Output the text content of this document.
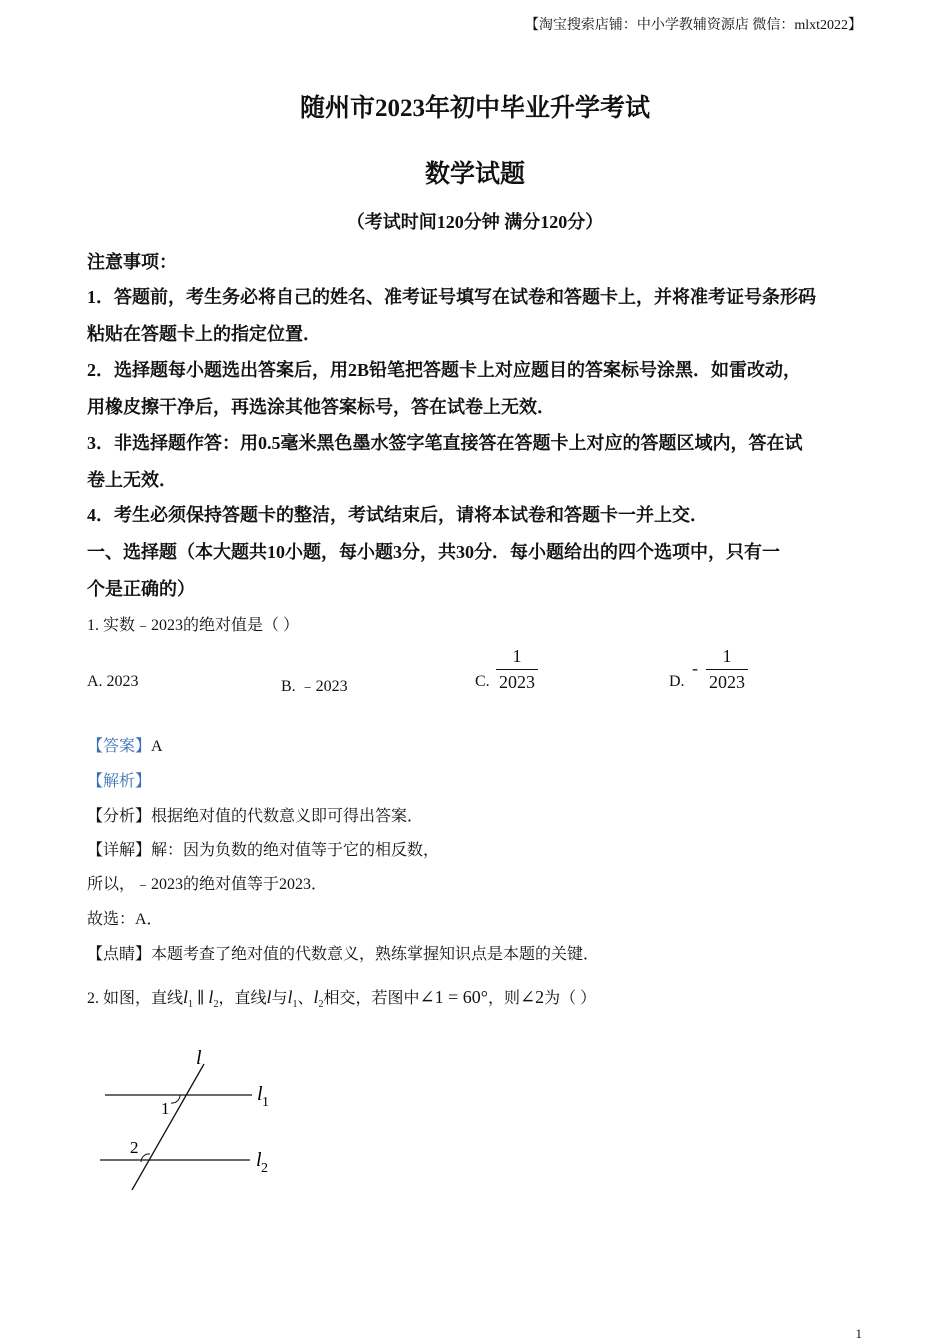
【淘宝搜索店铺：中小学教辅资源店 微信：mlxt2022】
随州市2023年初中毕业升学考试
数学试题
（考试时间120分钟 满分120分）
注意事项：
1．答题前，考生务必将自己的姓名、准考证号填写在试卷和答题卡上，并将准考证号条形码
粘贴在答题卡上的指定位置．
2．选择题每小题选出答案后，用2B铅笔把答题卡上对应题目的答案标号涂黑．如雷改动，
用橡皮擦干净后，再选涂其他答案标号，答在试卷上无效．
3．非选择题作答：用0.5毫米黑色墨水签字笔直接答在答题卡上对应的答题区域内，答在试
卷上无效．
4．考生必须保持答题卡的整洁，考试结束后，请将本试卷和答题卡一并上交．
一、选择题（本大题共10小题，每小题3分，共30分．每小题给出的四个选项中，只有一
个是正确的）
1. 实数﹣2023的绝对值是（ ）
A. 2023	B. ﹣2023	C.
1
2023	D.
-
1
2023
【答案】A
【解析】
【分析】根据绝对值的代数意义即可得出答案．
【详解】解：因为负数的绝对值等于它的相反数，
所以，﹣2023的绝对值等于2023．
故选：A．
【点睛】本题考查了绝对值的代数意义，熟练掌握知识点是本题的关键．
2. 如图，直线$l_1$ ∥ $l_2$，直线l与$l_1$、$l_2$相交，若图中∠1 = 60°，则∠2为（ ）
l
l 1
l 2
1
2
1
